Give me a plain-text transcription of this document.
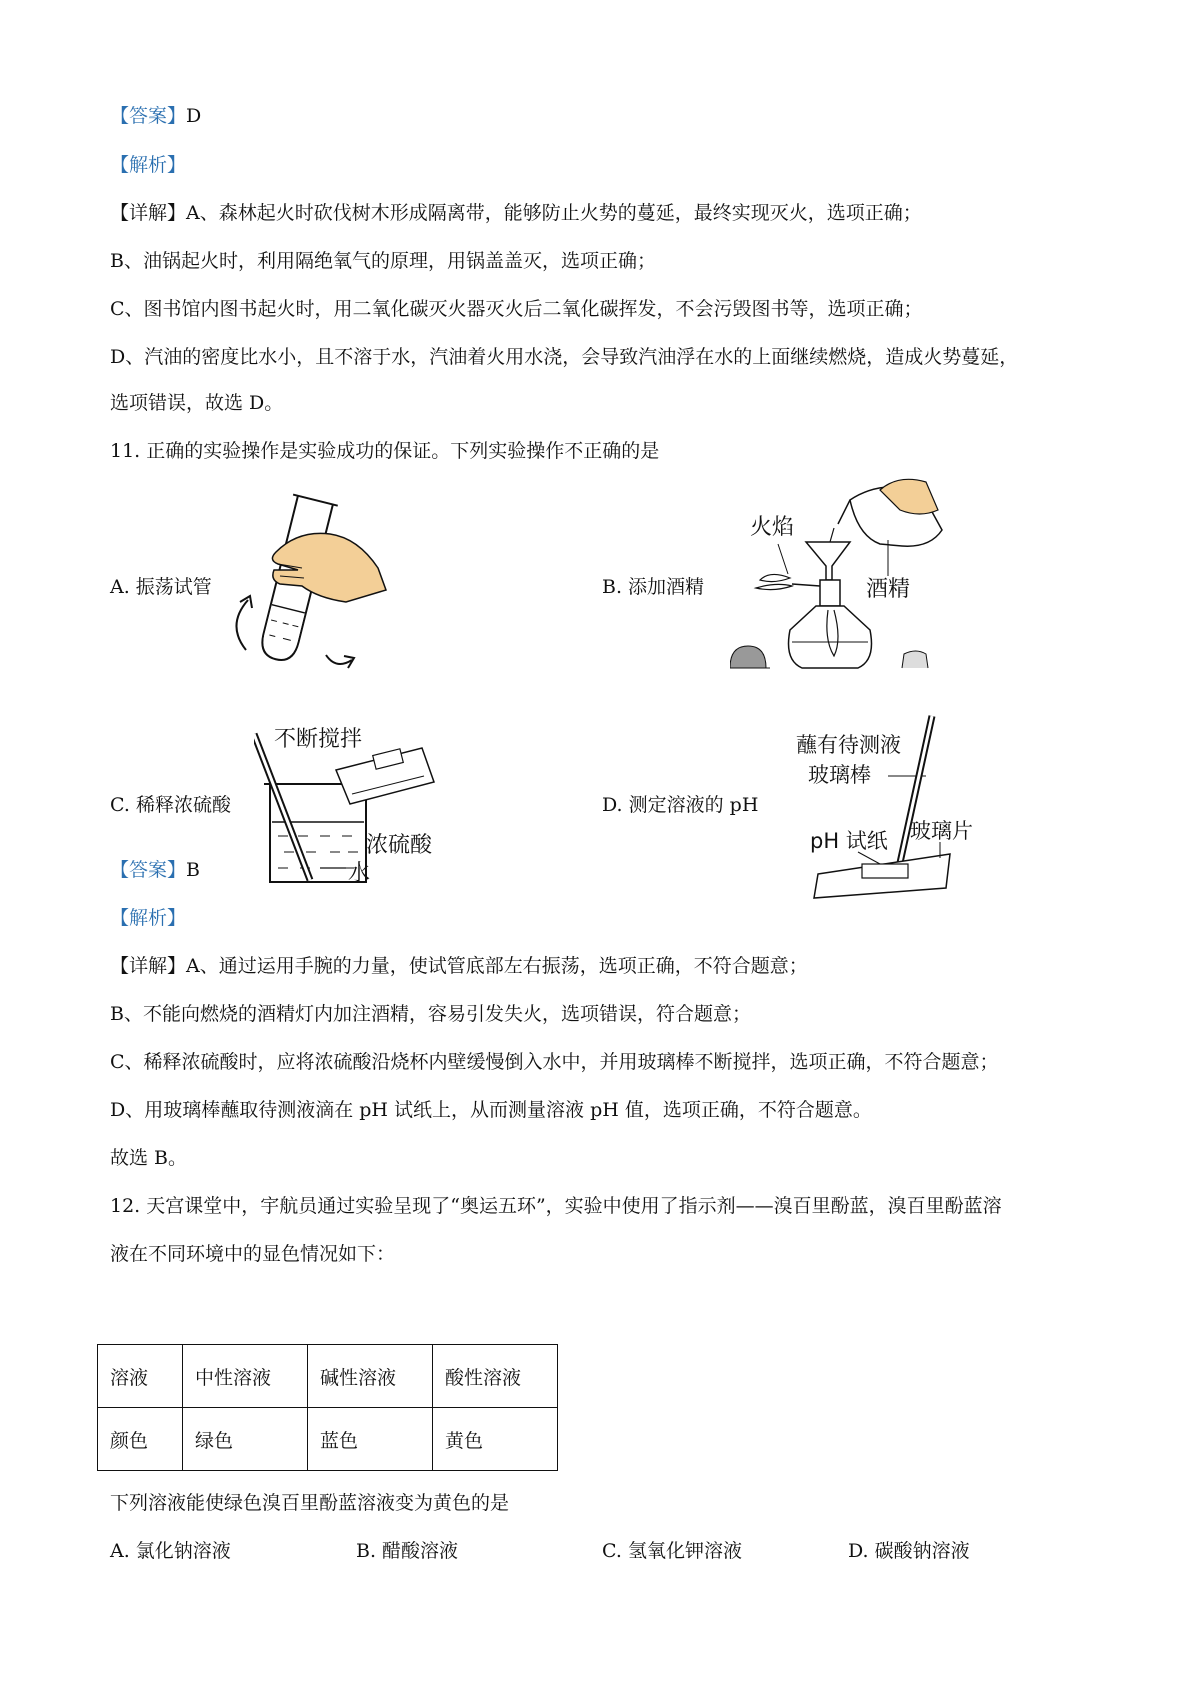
【答案】D
【解析】
【详解】A、森林起火时砍伐树木形成隔离带，能够防止火势的蔓延，最终实现灭火，选项正确；
B、油锅起火时，利用隔绝氧气的原理，用锅盖盖灭，选项正确；
C、图书馆内图书起火时，用二氧化碳灭火器灭火后二氧化碳挥发，不会污毁图书等，选项正确；
D、汽油的密度比水小，且不溶于水，汽油着火用水浇，会导致汽油浮在水的上面继续燃烧，造成火势蔓延，
选项错误，故选 D。
11. 正确的实验操作是实验成功的保证。下列实验操作不正确的是
A. 振荡试管	B. 添加酒精
火焰
酒精
C. 稀释浓硫酸
不断搅拌
浓硫酸
水
D. 测定溶液的 pH
蘸有待测液
玻璃棒
玻璃片
pH 试纸
【答案】B
【解析】
【详解】A、通过运用手腕的力量，使试管底部左右振荡，选项正确，不符合题意；
B、不能向燃烧的酒精灯内加注酒精，容易引发失火，选项错误，符合题意；
C、稀释浓硫酸时，应将浓硫酸沿烧杯内壁缓慢倒入水中，并用玻璃棒不断搅拌，选项正确，不符合题意；
D、用玻璃棒蘸取待测液滴在 pH 试纸上，从而测量溶液 pH 值，选项正确，不符合题意。
故选 B。
12. 天宫课堂中，宇航员通过实验呈现了“奥运五环”，实验中使用了指示剂——溴百里酚蓝，溴百里酚蓝溶
液在不同环境中的显色情况如下：
溶液	中性溶液	碱性溶液	酸性溶液
颜色	绿色	蓝色	黄色
下列溶液能使绿色溴百里酚蓝溶液变为黄色的是
A. 氯化钠溶液	B. 醋酸溶液	C. 氢氧化钾溶液	D. 碳酸钠溶液
